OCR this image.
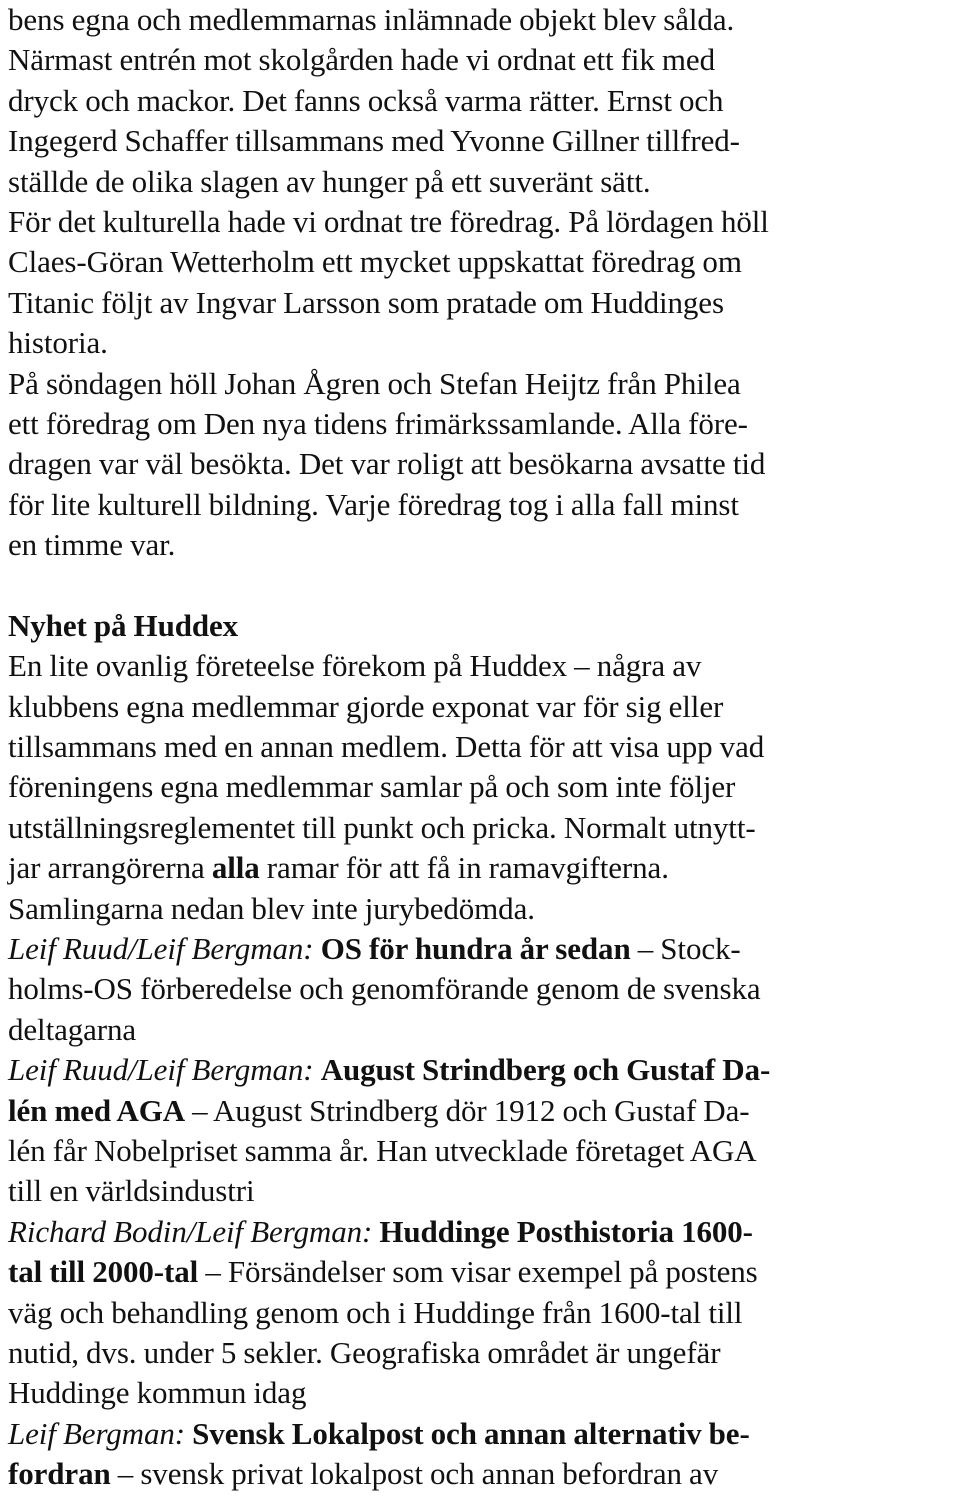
bens egna och medlemmarnas inlämnade objekt blev sålda.
Närmast entrén mot skolgården hade vi ordnat ett fik med
dryck och mackor. Det fanns också varma rätter. Ernst och
Ingegerd Schaffer tillsammans med Yvonne Gillner tillfred-
ställde de olika slagen av hunger på ett suveränt sätt.
För det kulturella hade vi ordnat tre föredrag. På lördagen höll
Claes-Göran Wetterholm ett mycket uppskattat föredrag om
Titanic följt av Ingvar Larsson som pratade om Huddinges
historia.
På söndagen höll Johan Ågren och Stefan Heijtz från Philea
ett föredrag om Den nya tidens frimärkssamlande. Alla före-
dragen var väl besökta. Det var roligt att besökarna avsatte tid
för lite kulturell bildning. Varje föredrag tog i alla fall minst
en timme var.
Nyhet på Huddex
En lite ovanlig företeelse förekom på Huddex – några av
klubbens egna medlemmar gjorde exponat var för sig eller
tillsammans med en annan medlem. Detta för att visa upp vad
föreningens egna medlemmar samlar på och som inte följer
utställningsreglementet till punkt och pricka. Normalt utnytt-
jar arrangörerna alla ramar för att få in ramavgifterna.
Samlingarna nedan blev inte jurybedömda.
Leif Ruud/Leif Bergman: OS för hundra år sedan – Stock-
holms-OS förberedelse och genomförande genom de svenska
deltagarna
Leif Ruud/Leif Bergman: August Strindberg och Gustaf Da-
lén med AGA – August Strindberg dör 1912 och Gustaf Da-
lén får Nobelpriset samma år. Han utvecklade företaget AGA
till en världsindustri
Richard Bodin/Leif Bergman: Huddinge Posthistoria 1600-
tal till 2000-tal – Försändelser som visar exempel på postens
väg och behandling genom och i Huddinge från 1600-tal till
nutid, dvs. under 5 sekler. Geografiska området är ungefär
Huddinge kommun idag
Leif Bergman: Svensk Lokalpost och annan alternativ be-
fordran – svensk privat lokalpost och annan befordran av
